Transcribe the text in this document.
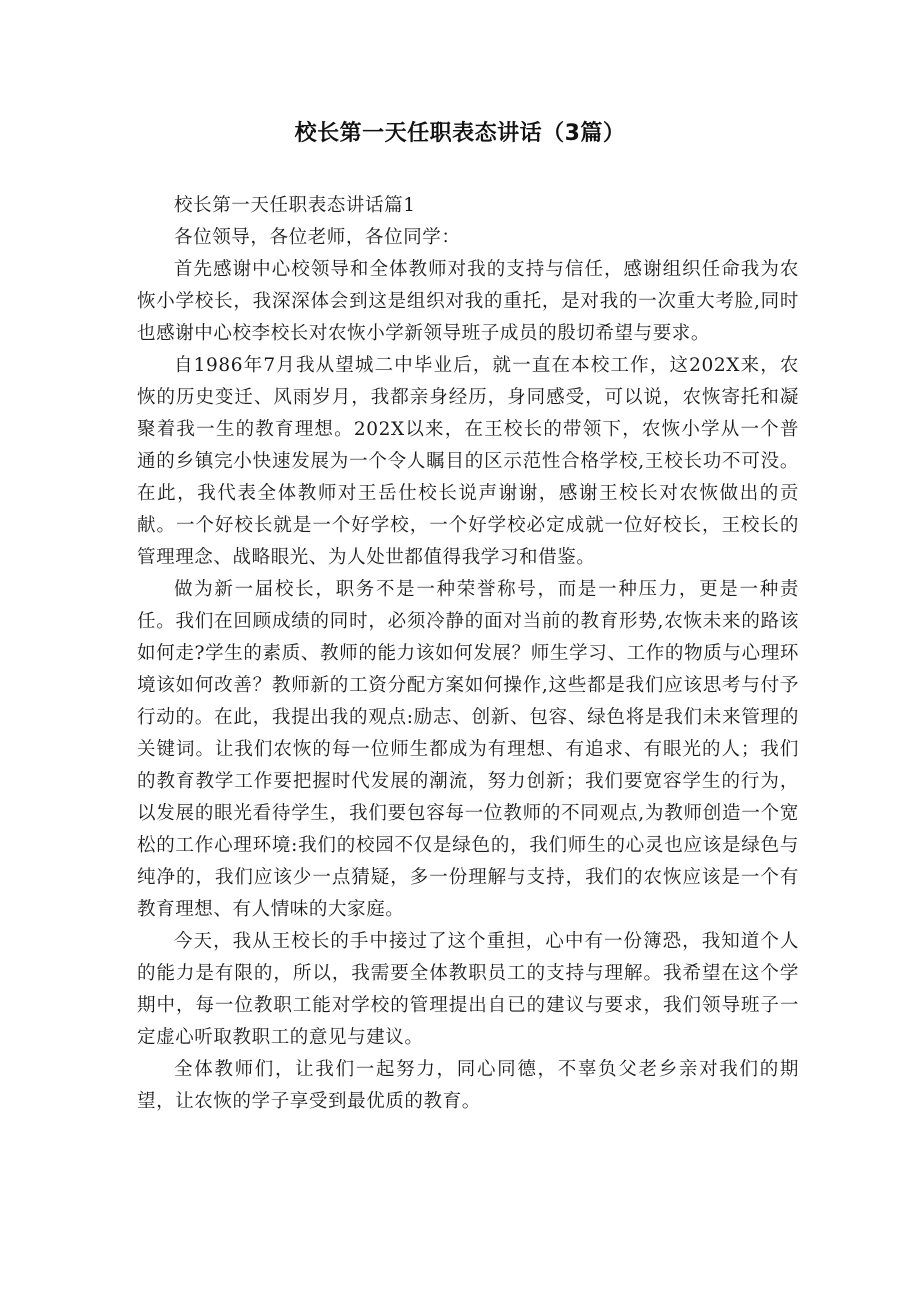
校长第一天任职表态讲话（3篇）

校长第一天任职表态讲话篇1

各位领导，各位老师，各位同学：

首先感谢中心校领导和全体教师对我的支持与信任，感谢组织任命我为农恢小学校长，我深深体会到这是组织对我的重托，是对我的一次重大考脸,同时也感谢中心校李校长对农恢小学新领导班子成员的殷切希望与要求。

自1986年7月我从望城二中毕业后，就一直在本校工作，这202X来，农恢的历史变迁、风雨岁月，我都亲身经历，身同感受，可以说，农恢寄托和凝聚着我一生的教育理想。202X以来，在王校长的带领下，农恢小学从一个普通的乡镇完小快速发展为一个令人瞩目的区示范性合格学校,王校长功不可没。在此，我代表全体教师对王岳仕校长说声谢谢，感谢王校长对农恢做出的贡献。一个好校长就是一个好学校，一个好学校必定成就一位好校长，王校长的管理理念、战略眼光、为人处世都值得我学习和借鉴。

做为新一届校长，职务不是一种荣誉称号，而是一种压力，更是一种责任。我们在回顾成绩的同时，必须冷静的面对当前的教育形势,农恢未来的路该如何走?学生的素质、教师的能力该如何发展？师生学习、工作的物质与心理环境该如何改善？教师新的工资分配方案如何操作,这些都是我们应该思考与付予行动的。在此，我提出我的观点:励志、创新、包容、绿色将是我们未来管理的关键词。让我们农恢的每一位师生都成为有理想、有追求、有眼光的人；我们的教育教学工作要把握时代发展的潮流，努力创新；我们要宽容学生的行为，以发展的眼光看待学生，我们要包容每一位教师的不同观点,为教师创造一个宽松的工作心理环境:我们的校园不仅是绿色的，我们师生的心灵也应该是绿色与纯净的，我们应该少一点猜疑，多一份理解与支持，我们的农恢应该是一个有教育理想、有人情味的大家庭。

今天，我从王校长的手中接过了这个重担，心中有一份簿恐，我知道个人的能力是有限的，所以，我需要全体教职员工的支持与理解。我希望在这个学期中，每一位教职工能对学校的管理提出自已的建议与要求，我们领导班子一定虚心听取教职工的意见与建议。

全体教师们，让我们一起努力，同心同德，不辜负父老乡亲对我们的期望，让农恢的学子享受到最优质的教育。
